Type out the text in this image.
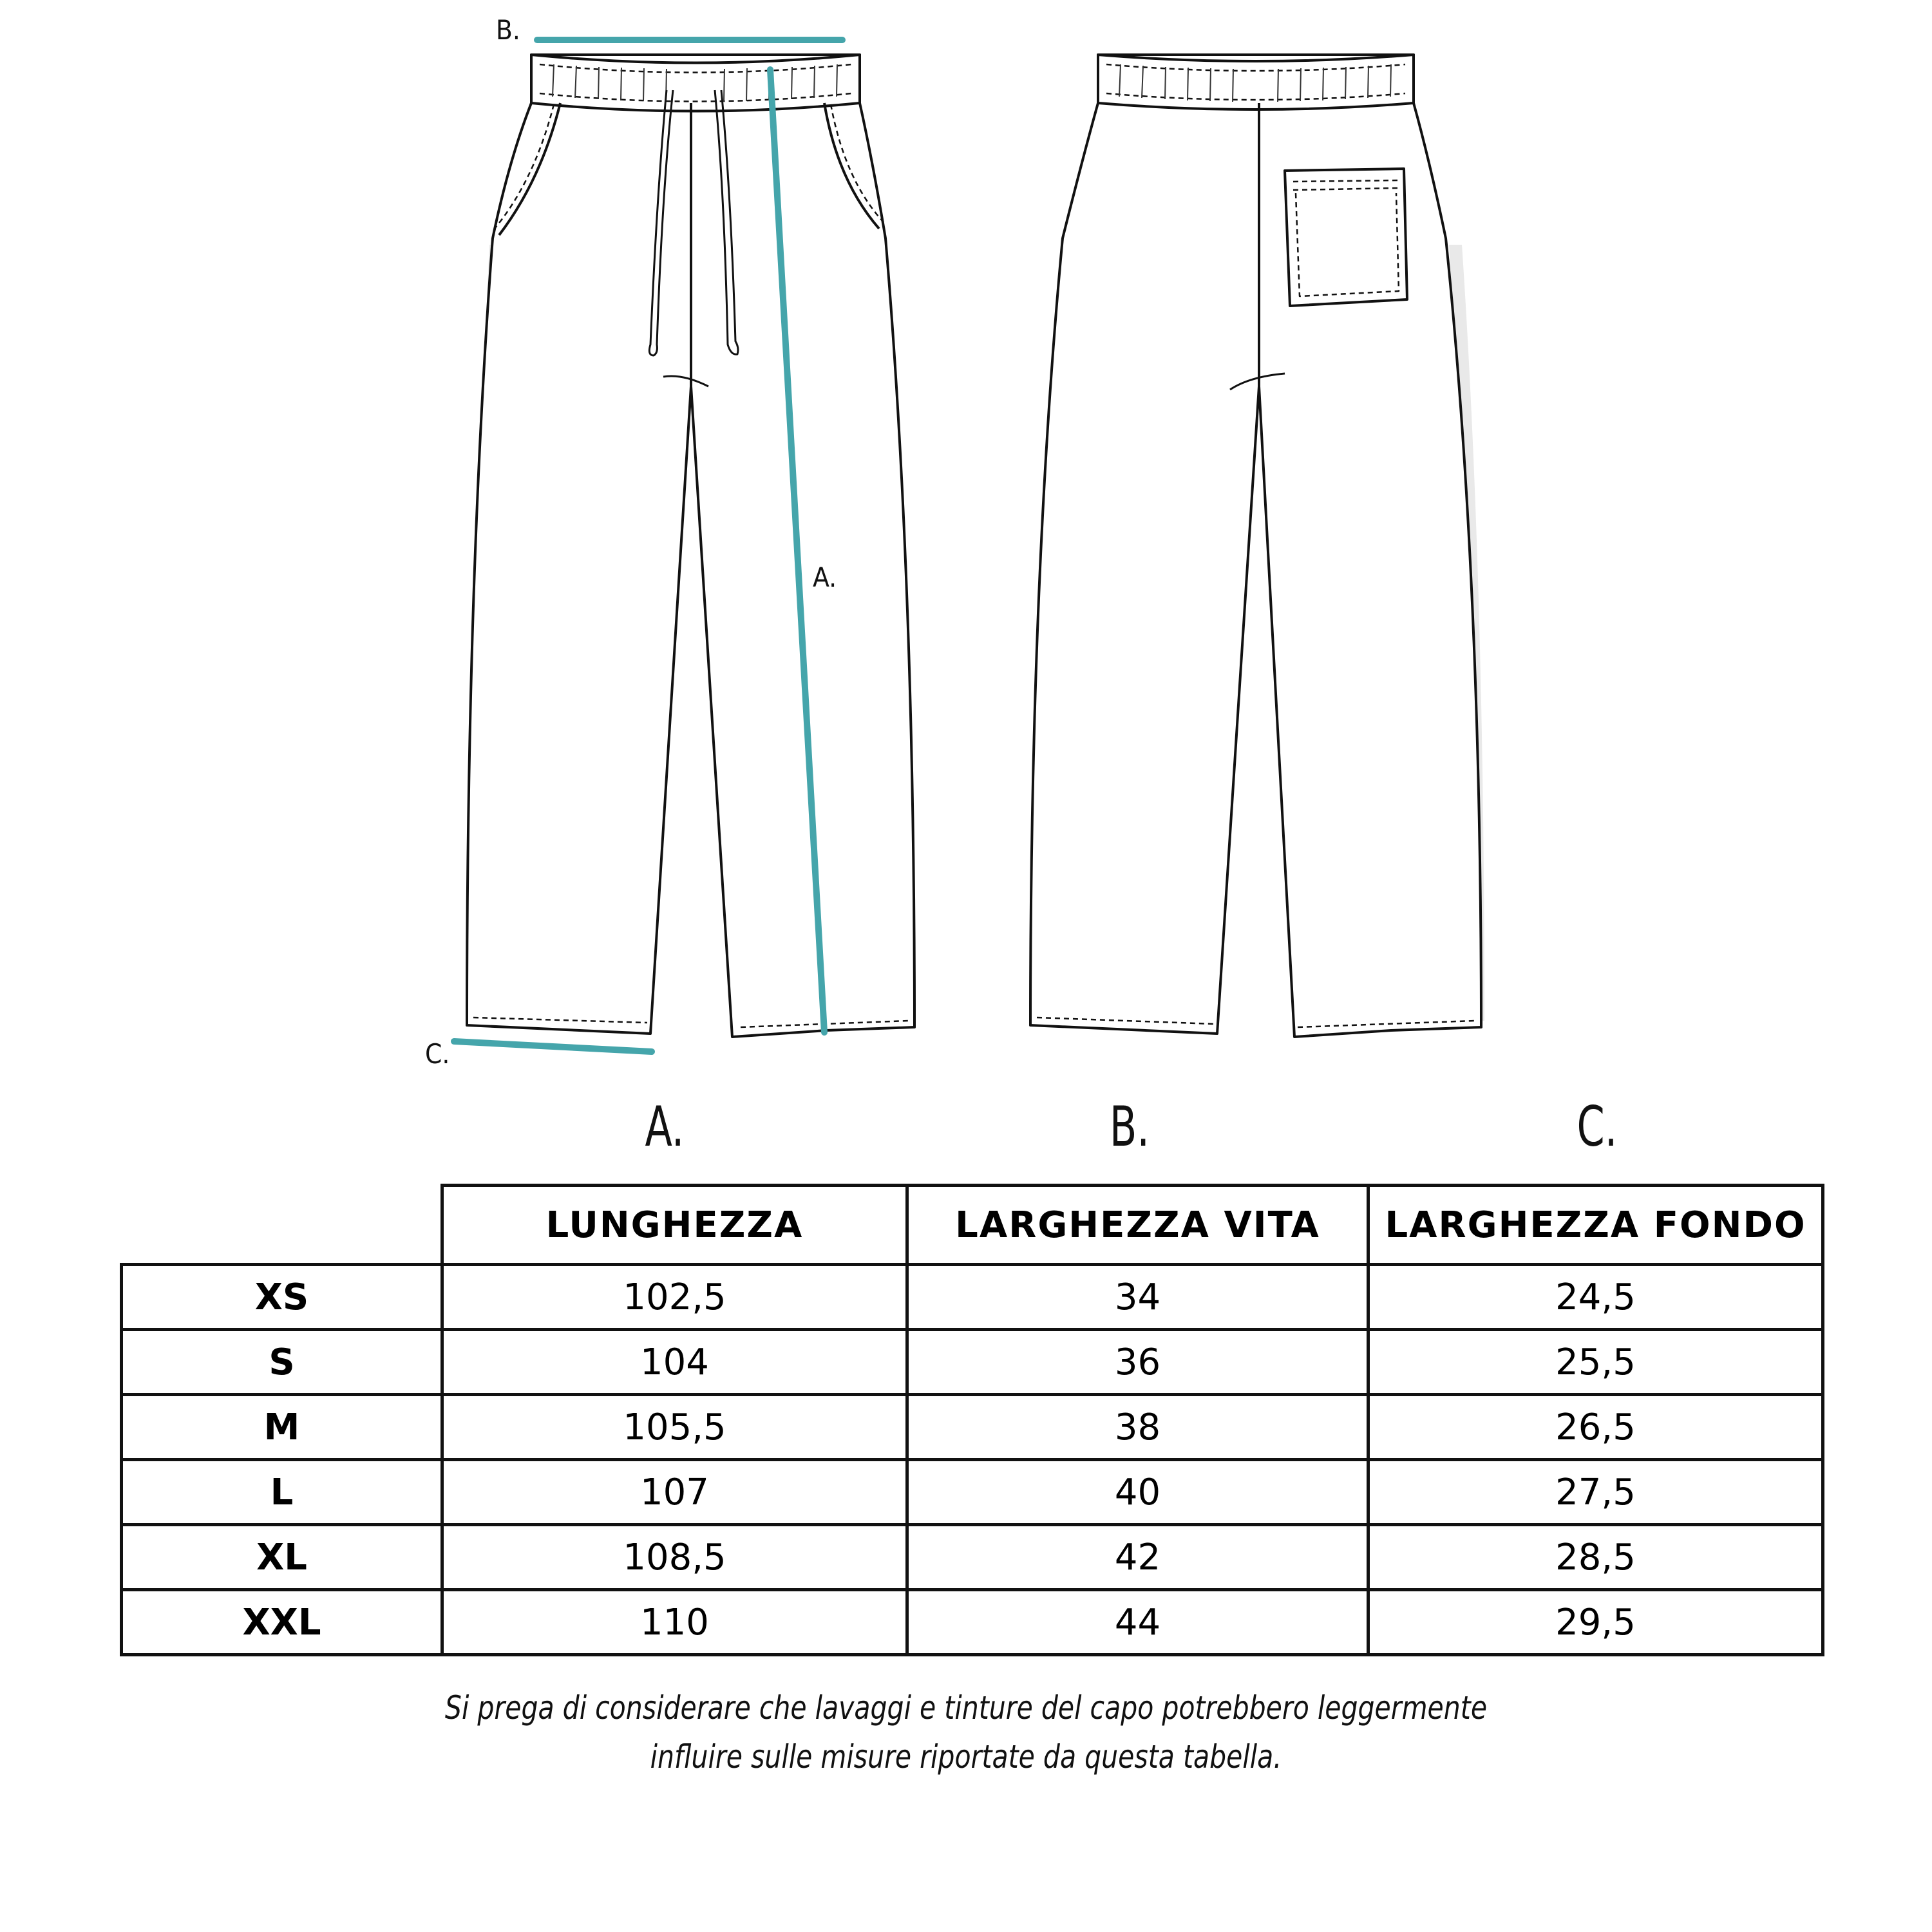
B.
A.
C.
A.	B.	C.
	LUNGHEZZA	LARGHEZZA VITA	LARGHEZZA FONDO
XS	102,5	34	24,5
S	104	36	25,5
M	105,5	38	26,5
L	107	40	27,5
XL	108,5	42	28,5
XXL	110	44	29,5
Si prega di considerare che lavaggi e tinture del capo potrebbero leggermente
influire sulle misure riportate da questa tabella.
